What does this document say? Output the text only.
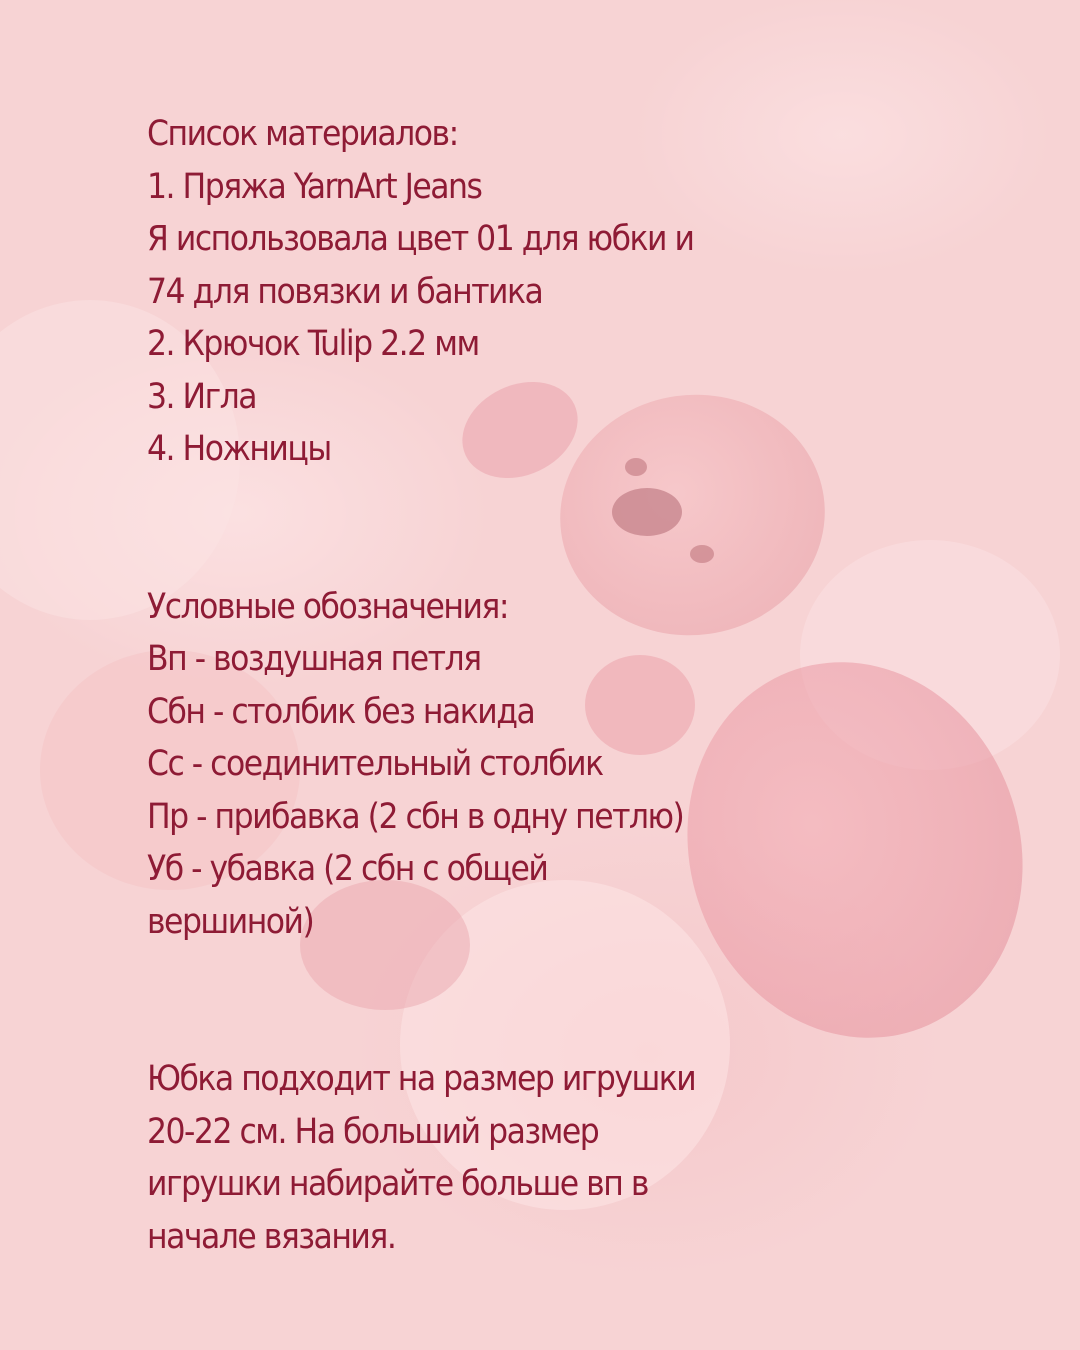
Список материалов:
1. Пряжа YarnArt Jeans
Я использовала цвет 01 для юбки и
74 для повязки и бантика
2. Крючок Tulip 2.2 мм
3. Игла
4. Ножницы
Условные обозначения:
Вп - воздушная петля
Сбн - столбик без накида
Сс - соединительный столбик
Пр - прибавка (2 сбн в одну петлю)
Уб - убавка (2 сбн с общей
вершиной)
Юбка подходит на размер игрушки
20-22 см. На больший размер
игрушки набирайте больше вп в
начале вязания.
